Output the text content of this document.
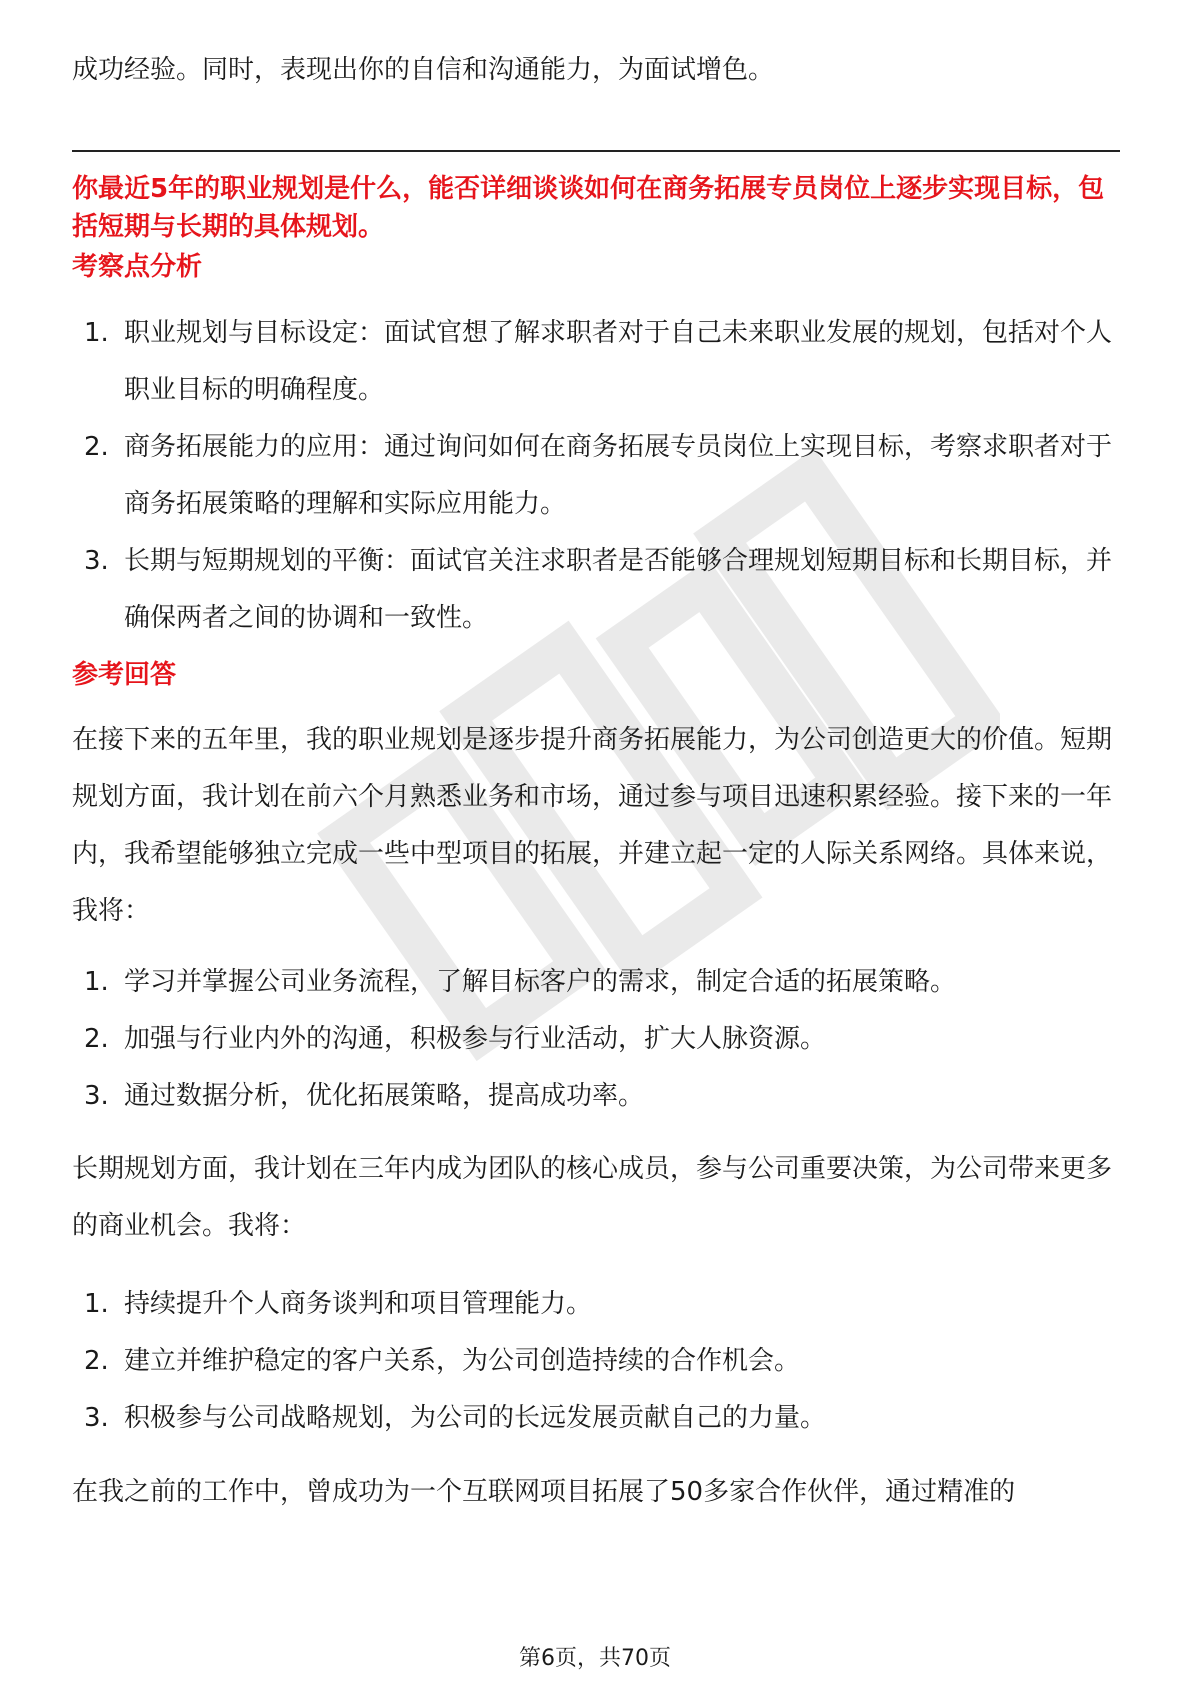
成功经验。同时，表现出你的自信和沟通能力，为面试增色。

你最近5年的职业规划是什么，能否详细谈谈如何在商务拓展专员岗位上逐步实现目标，包括短期与长期的具体规划。

考察点分析

1. 职业规划与目标设定：面试官想了解求职者对于自己未来职业发展的规划，包括对个人职业目标的明确程度。
2. 商务拓展能力的应用：通过询问如何在商务拓展专员岗位上实现目标，考察求职者对于商务拓展策略的理解和实际应用能力。
3. 长期与短期规划的平衡：面试官关注求职者是否能够合理规划短期目标和长期目标，并确保两者之间的协调和一致性。

参考回答

在接下来的五年里，我的职业规划是逐步提升商务拓展能力，为公司创造更大的价值。短期规划方面，我计划在前六个月熟悉业务和市场，通过参与项目迅速积累经验。接下来的一年内，我希望能够独立完成一些中型项目的拓展，并建立起一定的人际关系网络。具体来说，我将：

1. 学习并掌握公司业务流程，了解目标客户的需求，制定合适的拓展策略。
2. 加强与行业内外的沟通，积极参与行业活动，扩大人脉资源。
3. 通过数据分析，优化拓展策略，提高成功率。

长期规划方面，我计划在三年内成为团队的核心成员，参与公司重要决策，为公司带来更多的商业机会。我将：

1. 持续提升个人商务谈判和项目管理能力。
2. 建立并维护稳定的客户关系，为公司创造持续的合作机会。
3. 积极参与公司战略规划，为公司的长远发展贡献自己的力量。

在我之前的工作中，曾成功为一个互联网项目拓展了50多家合作伙伴，通过精准的

第6页，共70页
